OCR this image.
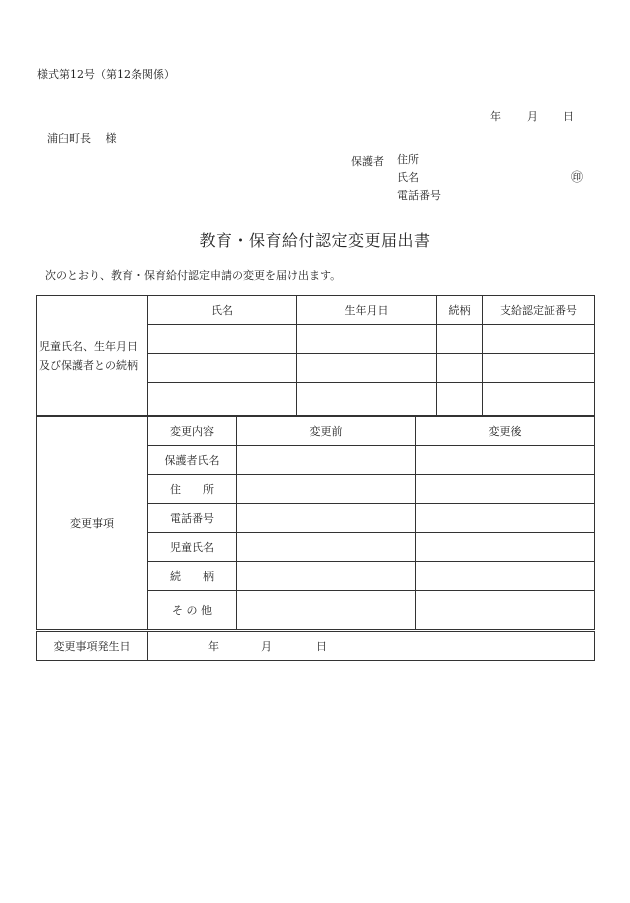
様式第12号（第12条関係）
年 月 日
浦臼町長　 様
保護者 住所
氏名	㊞
電話番号
教育・保育給付認定変更届出書
次のとおり、教育・保育給付認定申請の変更を届け出ます。
児童氏名、生年月日及び保護者との続柄	氏名	生年月日	続柄	支給認定証番号

変更事項	変更内容	変更前	変更後
	保護者氏名		
	住　　所		
	電話番号		
	児童氏名		
	続　　柄		
	そ の 他		
変更事項発生日	年	月	日
